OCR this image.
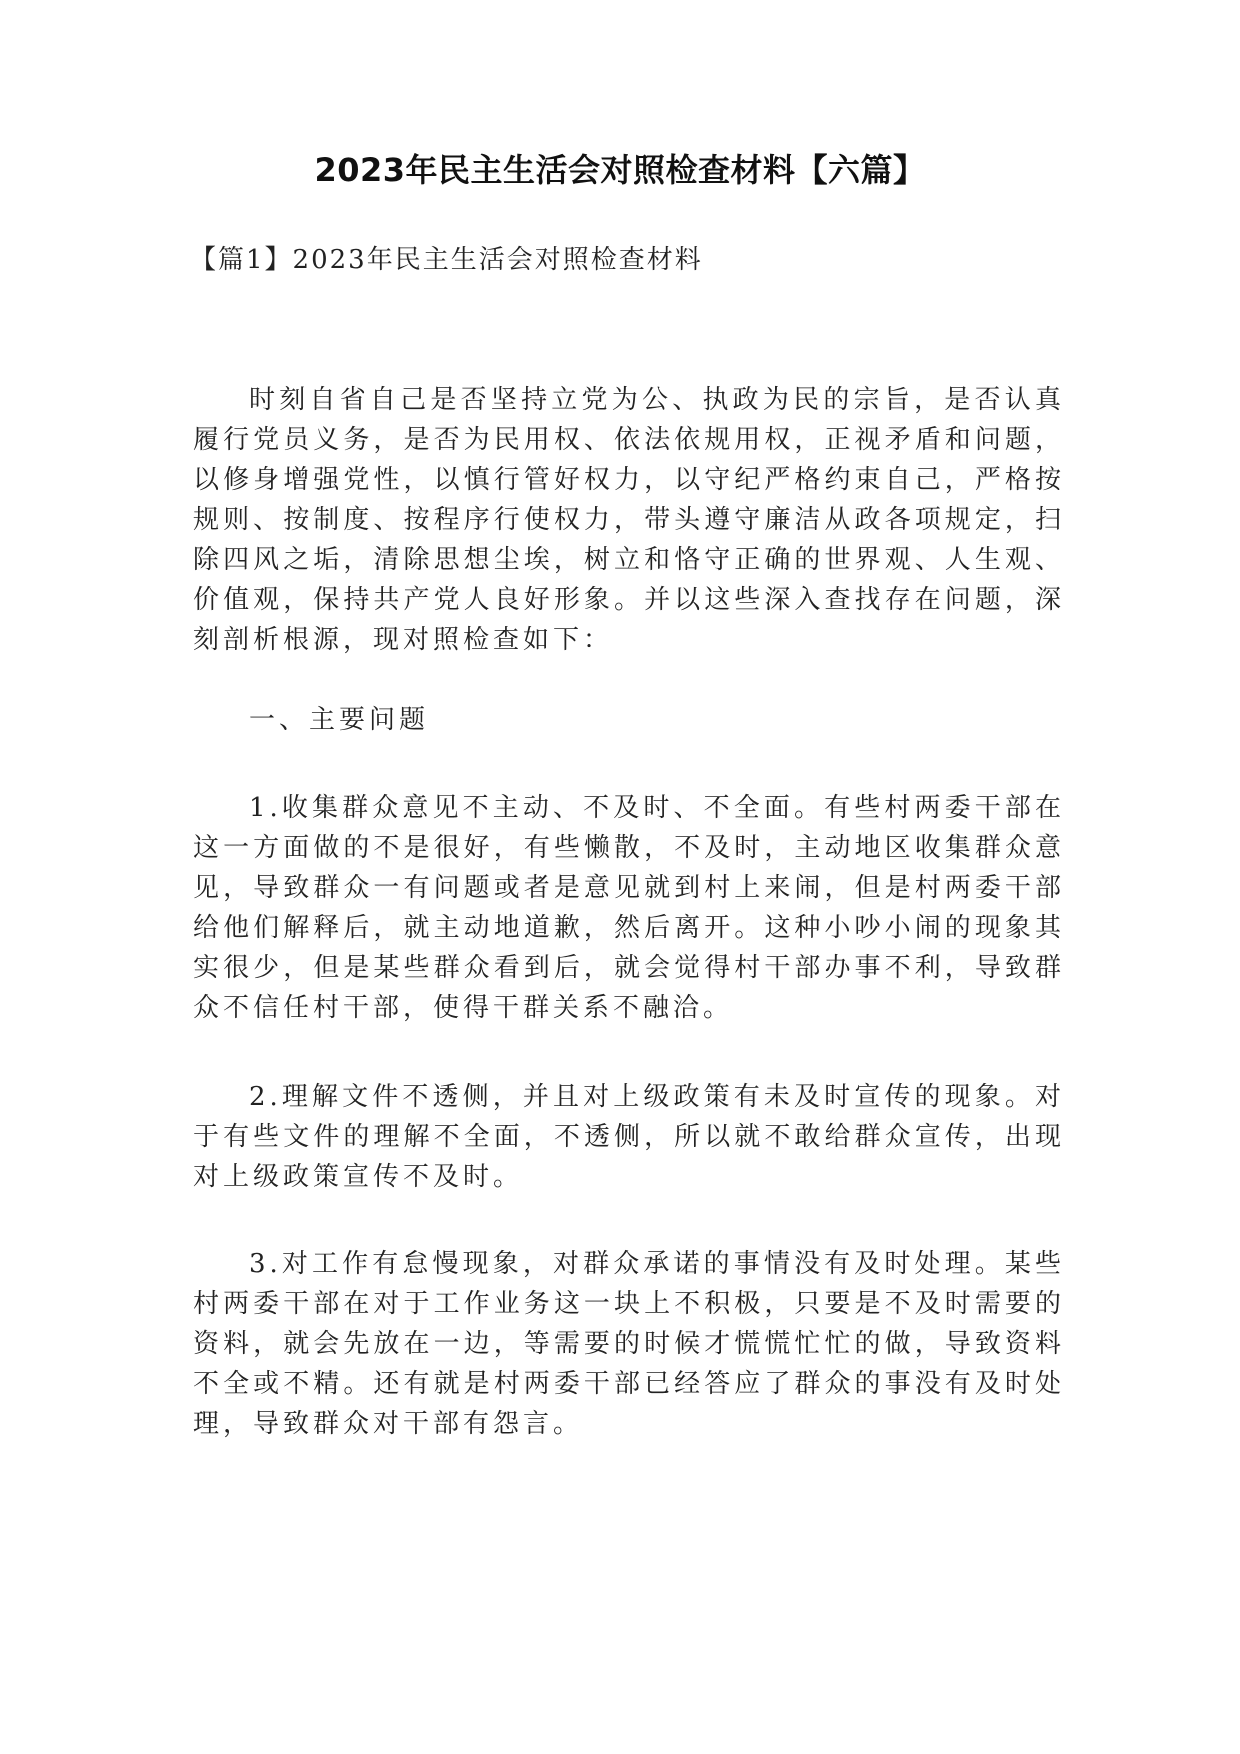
2023年民主生活会对照检查材料【六篇】
【篇1】2023年民主生活会对照检查材料

时刻自省自己是否坚持立党为公、执政为民的宗旨，是否认真履行党员义务，是否为民用权、依法依规用权，正视矛盾和问题，以修身增强党性，以慎行管好权力，以守纪严格约束自己，严格按规则、按制度、按程序行使权力，带头遵守廉洁从政各项规定，扫除四风之垢，清除思想尘埃，树立和恪守正确的世界观、人生观、价值观，保持共产党人良好形象。并以这些深入查找存在问题，深刻剖析根源，现对照检查如下：

一、主要问题

1.收集群众意见不主动、不及时、不全面。有些村两委干部在这一方面做的不是很好，有些懒散，不及时，主动地区收集群众意见，导致群众一有问题或者是意见就到村上来闹，但是村两委干部给他们解释后，就主动地道歉，然后离开。这种小吵小闹的现象其实很少，但是某些群众看到后，就会觉得村干部办事不利，导致群众不信任村干部，使得干群关系不融洽。

2.理解文件不透侧，并且对上级政策有未及时宣传的现象。对于有些文件的理解不全面，不透侧，所以就不敢给群众宣传，出现对上级政策宣传不及时。

3.对工作有怠慢现象，对群众承诺的事情没有及时处理。某些村两委干部在对于工作业务这一块上不积极，只要是不及时需要的资料，就会先放在一边，等需要的时候才慌慌忙忙的做，导致资料不全或不精。还有就是村两委干部已经答应了群众的事没有及时处理，导致群众对干部有怨言。
